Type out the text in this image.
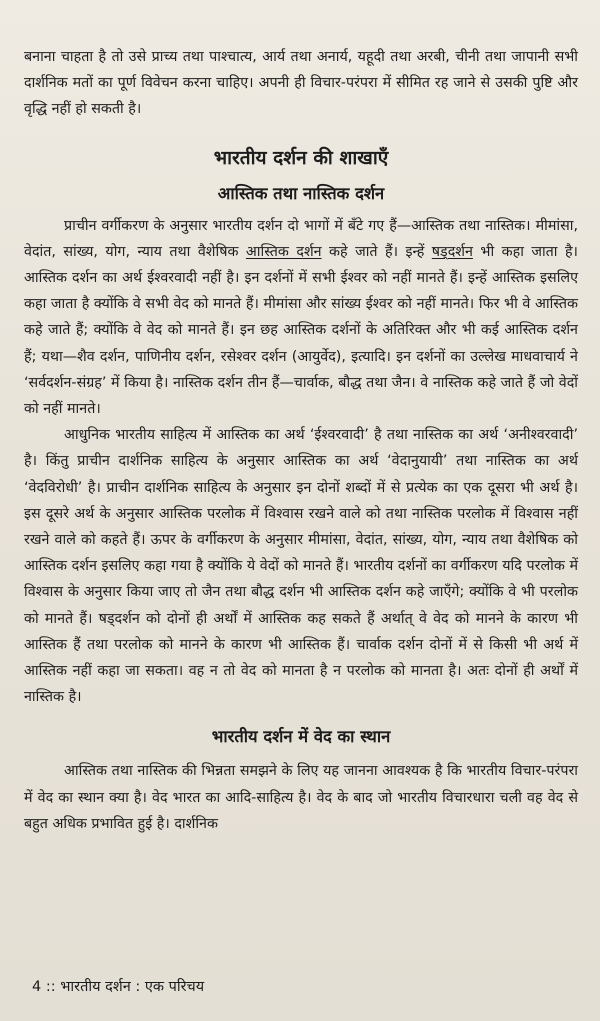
बनाना चाहता है तो उसे प्राच्य तथा पाश्चात्य, आर्य तथा अनार्य, यहूदी तथा अरबी, चीनी तथा जापानी सभी दार्शनिक मतों का पूर्ण विवेचन करना चाहिए। अपनी ही विचार-परंपरा में सीमित रह जाने से उसकी पुष्टि और वृद्धि नहीं हो सकती है।

भारतीय दर्शन की शाखाएँ
आस्तिक तथा नास्तिक दर्शन

प्राचीन वर्गीकरण के अनुसार भारतीय दर्शन दो भागों में बँटे गए हैं—आस्तिक तथा नास्तिक। मीमांसा, वेदांत, सांख्य, योग, न्याय तथा वैशेषिक आस्तिक दर्शन कहे जाते हैं। इन्हें षड्दर्शन भी कहा जाता है। आस्तिक दर्शन का अर्थ ईश्वरवादी नहीं है। इन दर्शनों में सभी ईश्वर को नहीं मानते हैं। इन्हें आस्तिक इसलिए कहा जाता है क्योंकि वे सभी वेद को मानते हैं। मीमांसा और सांख्य ईश्वर को नहीं मानते। फिर भी वे आस्तिक कहे जाते हैं; क्योंकि वे वेद को मानते हैं। इन छह आस्तिक दर्शनों के अतिरिक्त और भी कई आस्तिक दर्शन हैं; यथा—शैव दर्शन, पाणिनीय दर्शन, रसेश्वर दर्शन (आयुर्वेद), इत्यादि। इन दर्शनों का उल्लेख माधवाचार्य ने ‘सर्वदर्शन-संग्रह’ में किया है। नास्तिक दर्शन तीन हैं—चार्वाक, बौद्ध तथा जैन। वे नास्तिक कहे जाते हैं जो वेदों को नहीं मानते।

आधुनिक भारतीय साहित्य में आस्तिक का अर्थ ‘ईश्वरवादी’ है तथा नास्तिक का अर्थ ‘अनीश्वरवादी’ है। किंतु प्राचीन दार्शनिक साहित्य के अनुसार आस्तिक का अर्थ ‘वेदानुयायी’ तथा नास्तिक का अर्थ ‘वेदविरोधी’ है। प्राचीन दार्शनिक साहित्य के अनुसार इन दोनों शब्दों में से प्रत्येक का एक दूसरा भी अर्थ है। इस दूसरे अर्थ के अनुसार आस्तिक परलोक में विश्वास रखने वाले को तथा नास्तिक परलोक में विश्वास नहीं रखने वाले को कहते हैं। ऊपर के वर्गीकरण के अनुसार मीमांसा, वेदांत, सांख्य, योग, न्याय तथा वैशेषिक को आस्तिक दर्शन इसलिए कहा गया है क्योंकि ये वेदों को मानते हैं। भारतीय दर्शनों का वर्गीकरण यदि परलोक में विश्वास के अनुसार किया जाए तो जैन तथा बौद्ध दर्शन भी आस्तिक दर्शन कहे जाएँगे; क्योंकि वे भी परलोक को मानते हैं। षड्दर्शन को दोनों ही अर्थों में आस्तिक कह सकते हैं अर्थात् वे वेद को मानने के कारण भी आस्तिक हैं तथा परलोक को मानने के कारण भी आस्तिक हैं। चार्वाक दर्शन दोनों में से किसी भी अर्थ में आस्तिक नहीं कहा जा सकता। वह न तो वेद को मानता है न परलोक को मानता है। अतः दोनों ही अर्थों में नास्तिक है।

भारतीय दर्शन में वेद का स्थान

आस्तिक तथा नास्तिक की भिन्नता समझने के लिए यह जानना आवश्यक है कि भारतीय विचार-परंपरा में वेद का स्थान क्या है। वेद भारत का आदि-साहित्य है। वेद के बाद जो भारतीय विचारधारा चली वह वेद से बहुत अधिक प्रभावित हुई है। दार्शनिक

4 :: भारतीय दर्शन : एक परिचय
